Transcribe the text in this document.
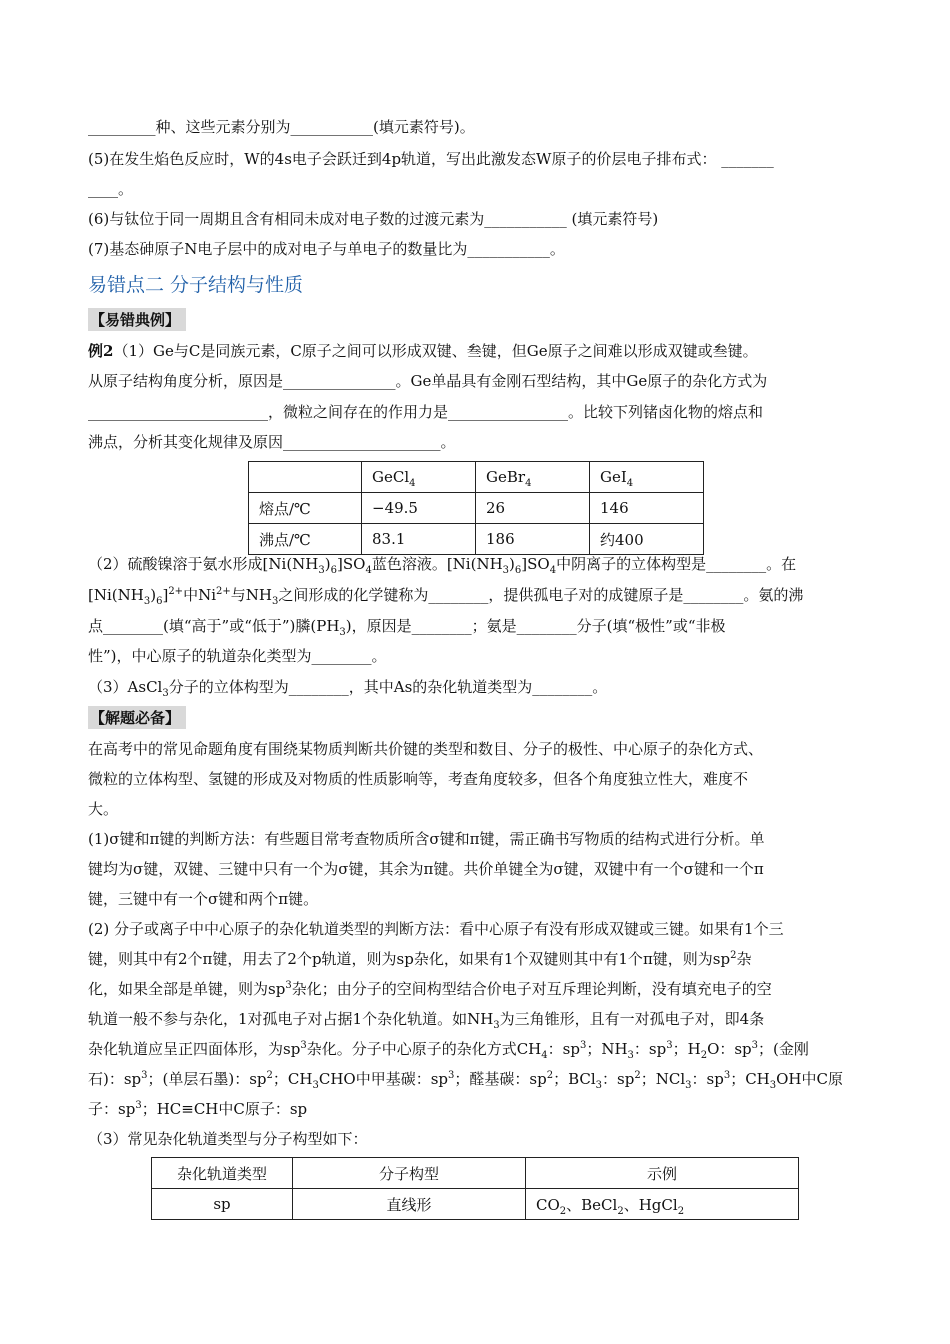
_________种、这些元素分别为___________(填元素符号)。
(5)在发生焰色反应时，W的4s电子会跃迁到4p轨道，写出此激发态W原子的价层电子排布式： _______
____。
(6)与钛位于同一周期且含有相同未成对电子数的过渡元素为___________ (填元素符号)
(7)基态砷原子N电子层中的成对电子与单电子的数量比为___________。
易错点二 分子结构与性质
【易错典例】
例2（1）Ge与C是同族元素，C原子之间可以形成双键、叁键，但Ge原子之间难以形成双键或叁键。
从原子结构角度分析，原因是_______________。Ge单晶具有金刚石型结构，其中Ge原子的杂化方式为
________________________，微粒之间存在的作用力是________________。比较下列锗卤化物的熔点和
沸点，分析其变化规律及原因_____________________。
	GeCl$_4$	GeBr$_4$	GeI$_4$
熔点/℃	−49.5	26	146
沸点/℃	83.1	186	约400
（2）硫酸镍溶于氨水形成$[Ni(NH_3)_6]SO_4$蓝色溶液。$[Ni(NH_3)_6]SO_4$中阴离子的立体构型是________。在
$[Ni(NH_3)_6]^{2+}$中$Ni^{2+}$与$NH_3$之间形成的化学键称为________，提供孤电子对的成键原子是________。氨的沸
点________(填“高于”或“低于”)膦$(PH_3)$，原因是________；氨是________分子(填“极性”或“非极
性”)，中心原子的轨道杂化类型为________。
（3）AsCl$_3$分子的立体构型为________，其中As的杂化轨道类型为________。
【解题必备】
在高考中的常见命题角度有围绕某物质判断共价键的类型和数目、分子的极性、中心原子的杂化方式、
微粒的立体构型、氢键的形成及对物质的性质影响等，考查角度较多，但各个角度独立性大，难度不
大。
(1)σ键和π键的判断方法：有些题目常考查物质所含σ键和π键，需正确书写物质的结构式进行分析。单
键均为σ键，双键、三键中只有一个为σ键，其余为π键。共价单键全为σ键，双键中有一个σ键和一个π
键，三键中有一个σ键和两个π键。
(2) 分子或离子中中心原子的杂化轨道类型的判断方法：看中心原子有没有形成双键或三键。如果有1个三
键，则其中有2个π键，用去了2个p轨道，则为sp杂化，如果有1个双键则其中有1个π键，则为$sp^2$杂
化，如果全部是单键，则为$sp^3$杂化；由分子的空间构型结合价电子对互斥理论判断，没有填充电子的空
轨道一般不参与杂化，1对孤电子对占据1个杂化轨道。如$NH_3$为三角锥形，且有一对孤电子对，即4条
杂化轨道应呈正四面体形，为$sp^3$杂化。分子中心原子的杂化方式$CH_4$：$sp^3$；$NH_3$：$sp^3$；$H_2O$：$sp^3$；(金刚
石)：$sp^3$；(单层石墨)：$sp^2$；$CH_3CHO$中甲基碳：$sp^3$；醛基碳：$sp^2$；BCl$_3$：$sp^2$；NCl$_3$：$sp^3$；$CH_3OH$中C原
子：$sp^3$；HC≡CH中C原子：sp
（3）常见杂化轨道类型与分子构型如下：
杂化轨道类型	分子构型	示例
sp	直线形	$CO_2$、BeCl$_2$、HgCl$_2$
